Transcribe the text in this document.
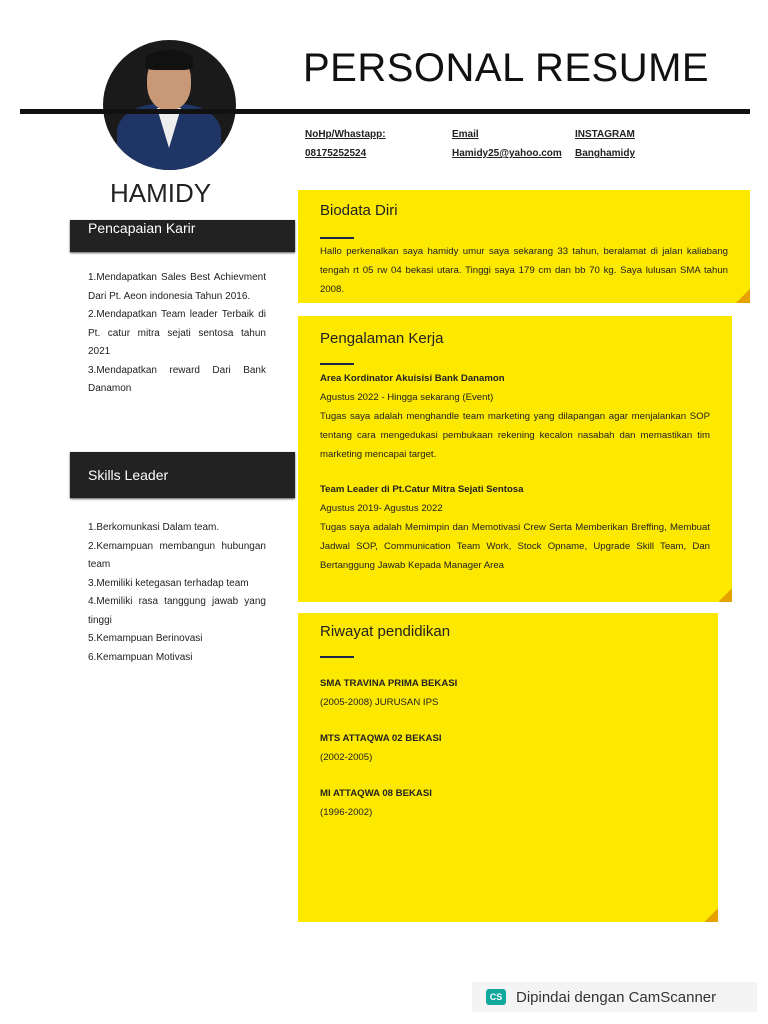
PERSONAL RESUME
NoHp/Whastapp:
08175252524
Email
Hamidy25@yahoo.com
INSTAGRAM
Banghamidy
HAMIDY
Pencapaian Karir

1.Mendapatkan Sales Best Achievment Dari Pt. Aeon indonesia Tahun 2016.

2.Mendapatkan Team leader Terbaik di Pt. catur mitra sejati sentosa tahun 2021

3.Mendapatkan reward Dari Bank Danamon

Skills Leader

1.Berkomunkasi Dalam team.

2.Kemampuan membangun hubungan team

3.Memiliki ketegasan terhadap team

4.Memiliki rasa tanggung jawab yang tinggi

5.Kemampuan Berinovasi

6.Kemampuan Motivasi

Biodata Diri
Hallo perkenalkan saya hamidy umur saya sekarang 33 tahun, beralamat di jalan kaliabang tengah rt 05 rw 04 bekasi utara. Tinggi saya 179 cm dan bb 70 kg. Saya lulusan SMA tahun 2008.
Pengalaman Kerja
Area Kordinator Akuisisi Bank Danamon
Agustus 2022 - Hingga sekarang (Event)
Tugas saya adalah menghandle team marketing yang dilapangan agar menjalankan SOP tentang cara mengedukasi pembukaan rekening kecalon nasabah dan memastikan tim marketing mencapai target.
Team Leader di Pt.Catur Mitra Sejati Sentosa
Agustus 2019- Agustus 2022
Tugas saya adalah Memimpin dan Memotivasi Crew Serta Memberikan Breffing, Membuat Jadwal SOP, Communication Team Work, Stock Opname, Upgrade Skill Team, Dan Bertanggung Jawab Kepada Manager Area
Riwayat pendidikan
SMA TRAVINA PRIMA BEKASI
(2005-2008) JURUSAN IPS
MTS ATTAQWA 02 BEKASI
(2002-2005)
MI ATTAQWA 08 BEKASI
(1996-2002)
CS Dipindai dengan CamScanner
